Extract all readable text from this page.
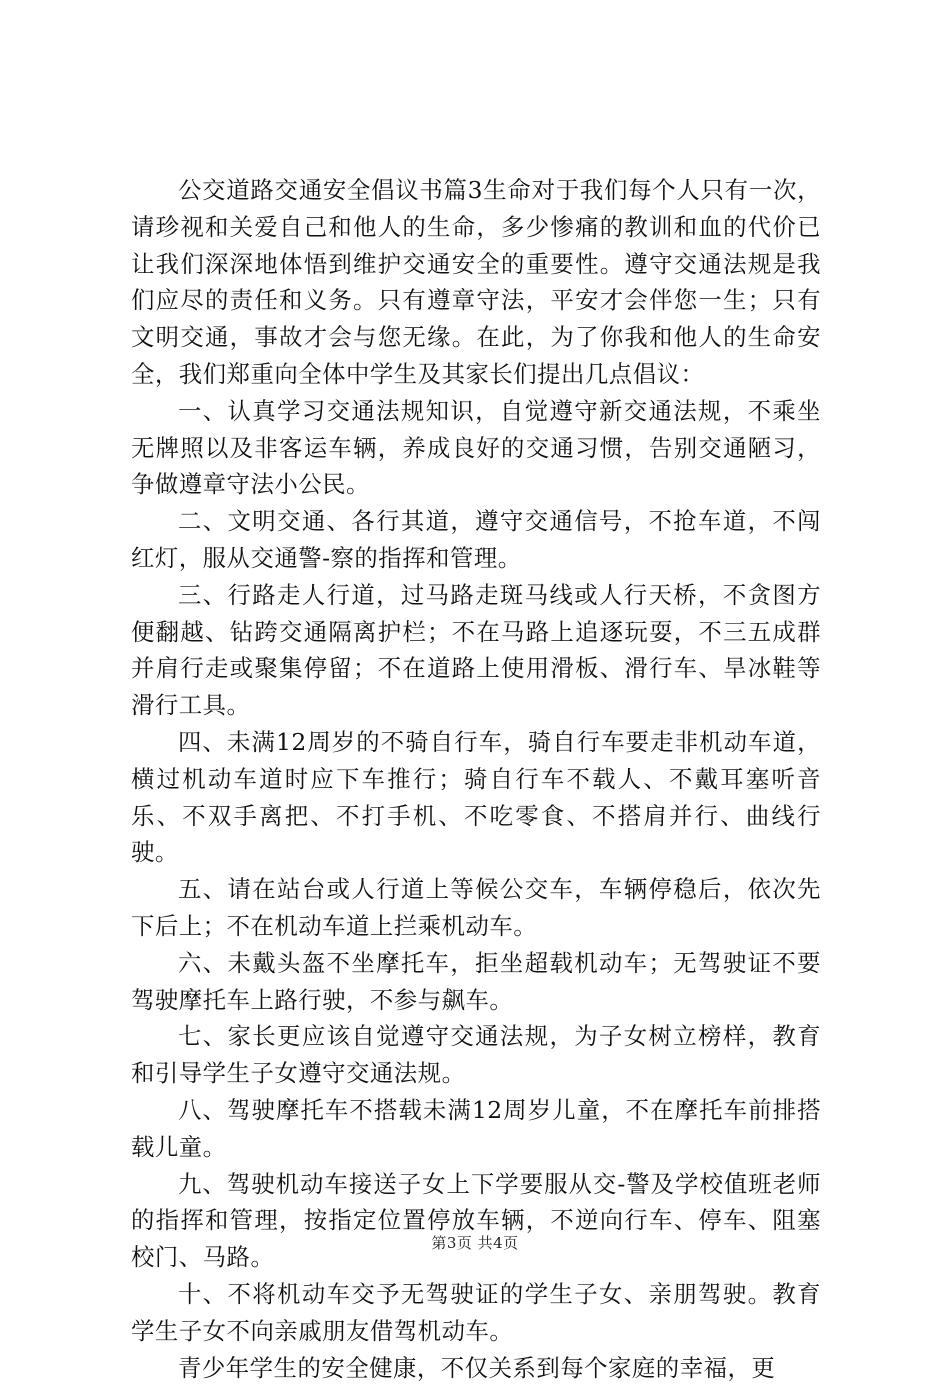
公交道路交通安全倡议书篇3生命对于我们每个人只有一次，请珍视和关爱自己和他人的生命，多少惨痛的教训和血的代价已让我们深深地体悟到维护交通安全的重要性。遵守交通法规是我们应尽的责任和义务。只有遵章守法，平安才会伴您一生；只有文明交通，事故才会与您无缘。在此，为了你我和他人的生命安全，我们郑重向全体中学生及其家长们提出几点倡议：

一、认真学习交通法规知识，自觉遵守新交通法规，不乘坐无牌照以及非客运车辆，养成良好的交通习惯，告别交通陋习，争做遵章守法小公民。

二、文明交通、各行其道，遵守交通信号，不抢车道，不闯红灯，服从交通警-察的指挥和管理。

三、行路走人行道，过马路走斑马线或人行天桥，不贪图方便翻越、钻跨交通隔离护栏；不在马路上追逐玩耍，不三五成群并肩行走或聚集停留；不在道路上使用滑板、滑行车、旱冰鞋等滑行工具。

四、未满12周岁的不骑自行车，骑自行车要走非机动车道，横过机动车道时应下车推行；骑自行车不载人、不戴耳塞听音乐、不双手离把、不打手机、不吃零食、不搭肩并行、曲线行驶。

五、请在站台或人行道上等候公交车，车辆停稳后，依次先下后上；不在机动车道上拦乘机动车。

六、未戴头盔不坐摩托车，拒坐超载机动车；无驾驶证不要驾驶摩托车上路行驶，不参与飙车。

七、家长更应该自觉遵守交通法规，为子女树立榜样，教育和引导学生子女遵守交通法规。

八、驾驶摩托车不搭载未满12周岁儿童，不在摩托车前排搭载儿童。

九、驾驶机动车接送子女上下学要服从交-警及学校值班老师的指挥和管理，按指定位置停放车辆，不逆向行车、停车、阻塞校门、马路。

十、不将机动车交予无驾驶证的学生子女、亲朋驾驶。教育学生子女不向亲戚朋友借驾机动车。

青少年学生的安全健康，不仅关系到每个家庭的幸福，更

第3页 共4页
